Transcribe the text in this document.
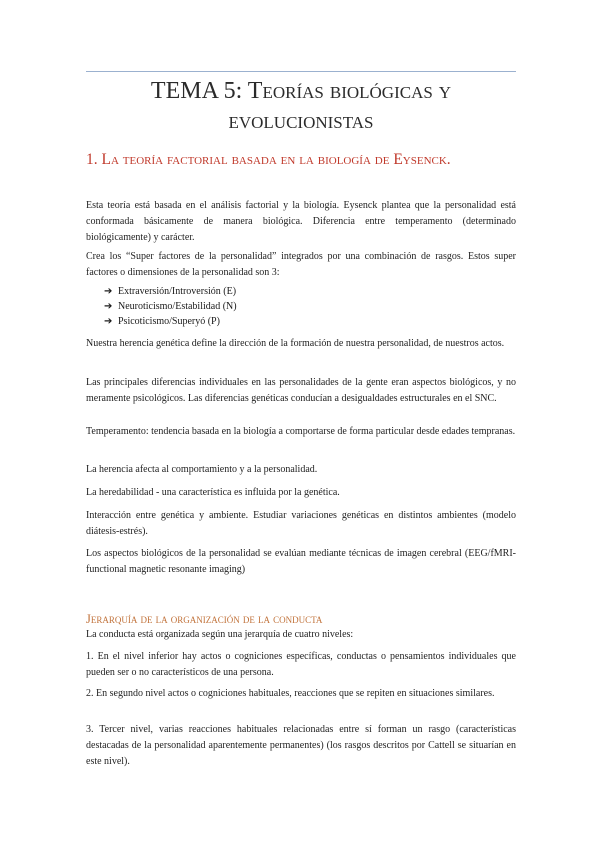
TEMA 5: Teorías biológicas y
evolucionistas
1. La teoría factorial basada en la biología de Eysenck.
Esta teoría está basada en el análisis factorial y la biología. Eysenck plantea que la personalidad está conformada básicamente de manera biológica. Diferencia entre temperamento (determinado biológicamente) y carácter.
Crea los “Super factores de la personalidad” integrados por una combinación de rasgos. Estos super factores o dimensiones de la personalidad son 3:
➔ Extraversión/Introversión (E)
➔ Neuroticismo/Estabilidad (N)
➔ Psicoticismo/Superyó (P)
Nuestra herencia genética define la dirección de la formación de nuestra personalidad, de nuestros actos.
Las principales diferencias individuales en las personalidades de la gente eran aspectos biológicos, y no meramente psicológicos. Las diferencias genéticas conducían a desigualdades estructurales en el SNC.
Temperamento: tendencia basada en la biología a comportarse de forma particular desde edades tempranas.
La herencia afecta al comportamiento y a la personalidad.
La heredabilidad - una característica es influida por la genética.
Interacción entre genética y ambiente. Estudiar variaciones genéticas en distintos ambientes (modelo diátesis-estrés).
Los aspectos biológicos de la personalidad se evalúan mediante técnicas de imagen cerebral (EEG/fMRI-functional magnetic resonante imaging)
Jerarquía de la organización de la conducta
La conducta está organizada según una jerarquía de cuatro niveles:
1. En el nivel inferior hay actos o cogniciones específicas, conductas o pensamientos individuales que pueden ser o no característicos de una persona.
2. En segundo nivel actos o cogniciones habituales, reacciones que se repiten en situaciones similares.
3. Tercer nivel, varias reacciones habituales relacionadas entre sí forman un rasgo (características destacadas de la personalidad aparentemente permanentes) (los rasgos descritos por Cattell se situarían en este nivel).
